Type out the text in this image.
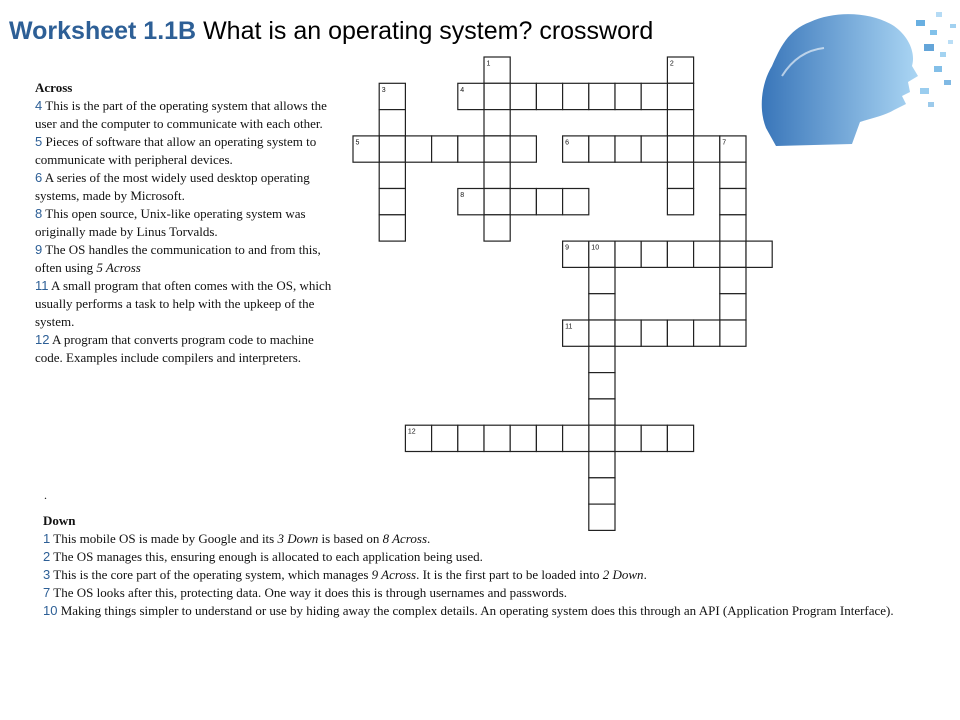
Worksheet 1.1B What is an operating system? crossword
1	2
3	4
5	6	7
8
9	10
11
12
Across
4 This is the part of the operating system that allows the user and the computer to communicate with each other.
5 Pieces of software that allow an operating system to communicate with peripheral devices.
6 A series of the most widely used desktop operating systems, made by Microsoft.
8 This open source, Unix-like operating system was originally made by Linus Torvalds.
9 The OS handles the communication to and from this, often using 5 Across
11 A small program that often comes with the OS, which usually performs a task to help with the upkeep of the system.
12 A program that converts program code to machine code. Examples include compilers and interpreters.
.
Down
1 This mobile OS is made by Google and its 3 Down is based on 8 Across.
2 The OS manages this, ensuring enough is allocated to each application being used.
3 This is the core part of the operating system, which manages 9 Across. It is the first part to be loaded into 2 Down.
7 The OS looks after this, protecting data. One way it does this is through usernames and passwords.
10 Making things simpler to understand or use by hiding away the complex details. An operating system does this through an API (Application Program Interface).
